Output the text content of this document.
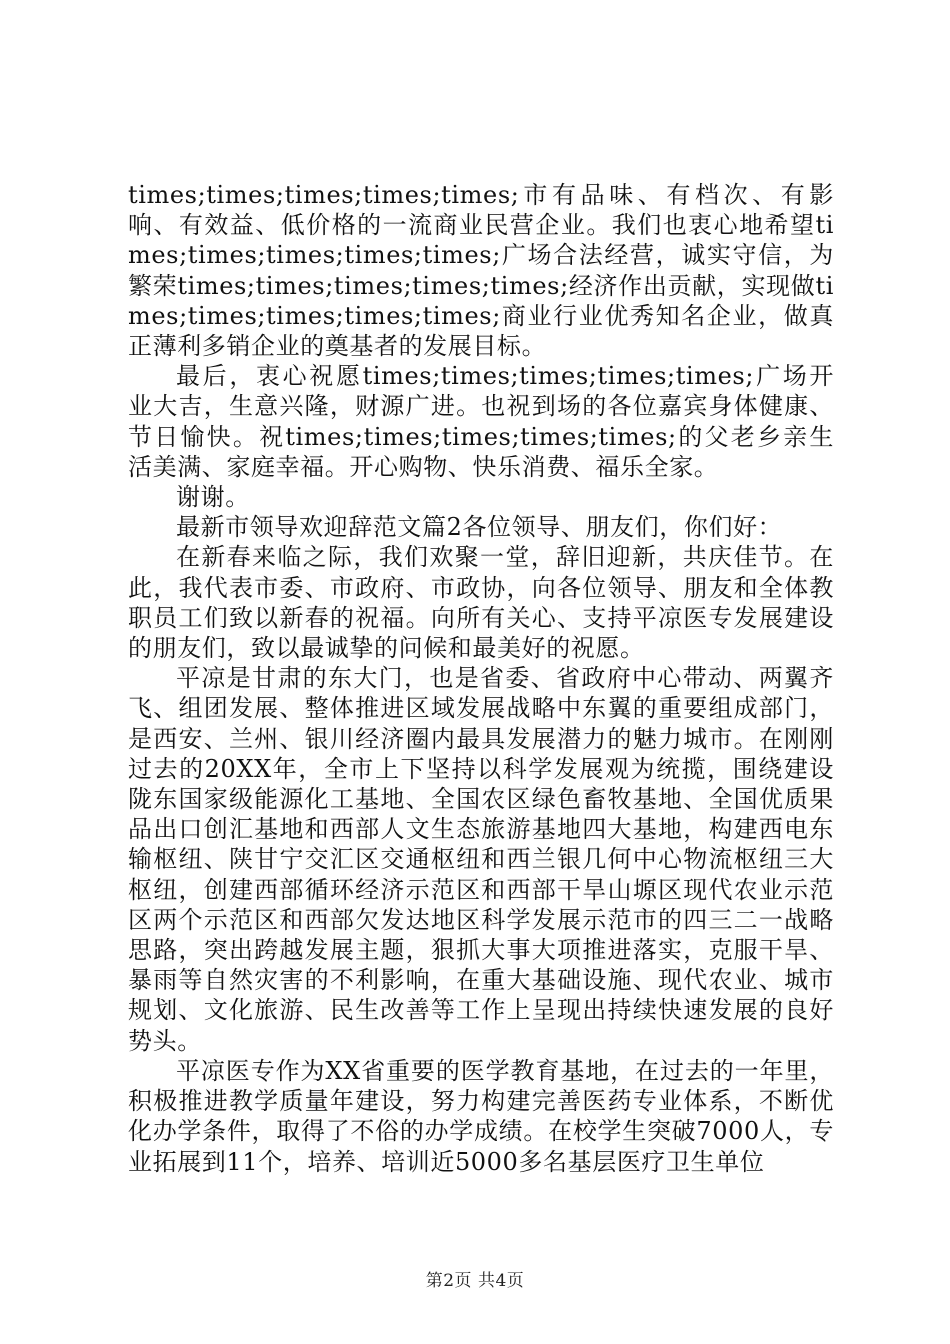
times;times;times;times;times;市有品味、有档次、有影响、有效益、低价格的一流商业民营企业。我们也衷心地希望times;times;times;times;times;广场合法经营，诚实守信，为繁荣times;times;times;times;times;经济作出贡献，实现做times;times;times;times;times;商业行业优秀知名企业，做真正薄利多销企业的奠基者的发展目标。

最后，衷心祝愿times;times;times;times;times;广场开业大吉，生意兴隆，财源广进。也祝到场的各位嘉宾身体健康、节日愉快。祝times;times;times;times;times;的父老乡亲生活美满、家庭幸福。开心购物、快乐消费、福乐全家。

谢谢。

最新市领导欢迎辞范文篇2各位领导、朋友们，你们好：

在新春来临之际，我们欢聚一堂，辞旧迎新，共庆佳节。在此，我代表市委、市政府、市政协，向各位领导、朋友和全体教职员工们致以新春的祝福。向所有关心、支持平凉医专发展建设的朋友们，致以最诚挚的问候和最美好的祝愿。

平凉是甘肃的东大门，也是省委、省政府中心带动、两翼齐飞、组团发展、整体推进区域发展战略中东翼的重要组成部门，是西安、兰州、银川经济圈内最具发展潜力的魅力城市。在刚刚过去的20XX年，全市上下坚持以科学发展观为统揽，围绕建设陇东国家级能源化工基地、全国农区绿色畜牧基地、全国优质果品出口创汇基地和西部人文生态旅游基地四大基地，构建西电东输枢纽、陕甘宁交汇区交通枢纽和西兰银几何中心物流枢纽三大枢纽，创建西部循环经济示范区和西部干旱山塬区现代农业示范区两个示范区和西部欠发达地区科学发展示范市的四三二一战略思路，突出跨越发展主题，狠抓大事大项推进落实，克服干旱、暴雨等自然灾害的不利影响，在重大基础设施、现代农业、城市规划、文化旅游、民生改善等工作上呈现出持续快速发展的良好势头。

平凉医专作为XX省重要的医学教育基地，在过去的一年里，积极推进教学质量年建设，努力构建完善医药专业体系，不断优化办学条件，取得了不俗的办学成绩。在校学生突破7000人，专业拓展到11个，培养、培训近5000多名基层医疗卫生单位

第2页 共4页
